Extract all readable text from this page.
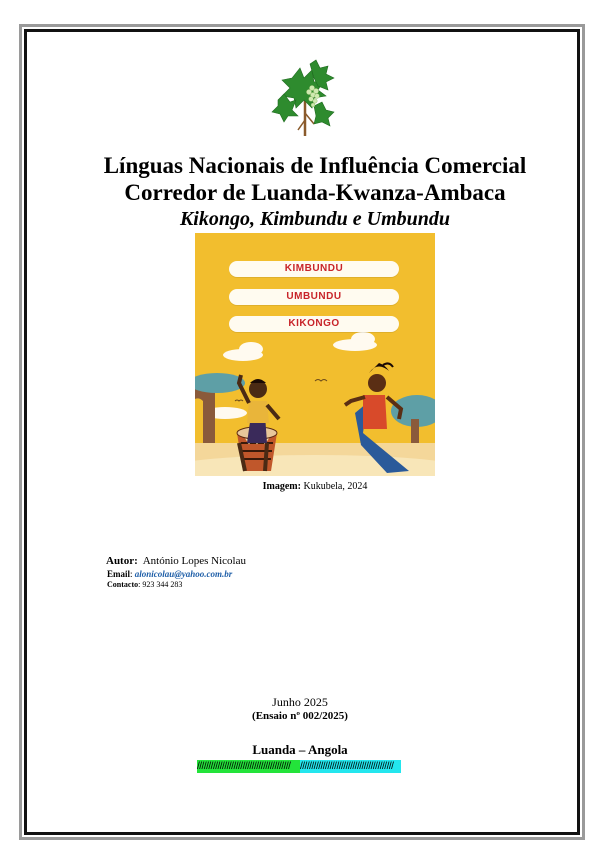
Línguas Nacionais de Influência Comercial
Corredor de Luanda-Kwanza-Ambaca
Kikongo, Kimbundu e Umbundu
KIMBUNDU
UMBUNDU
KIKONGO
Imagem: Kukubela, 2024
Autor: António Lopes Nicolau
Email: alonicolau@yahoo.com.br
Contacto: 923 344 283
Junho 2025
(Ensaio nº 002/2025)
Luanda – Angola
///////////////////////////////////////// /////////////////////////////////////////
